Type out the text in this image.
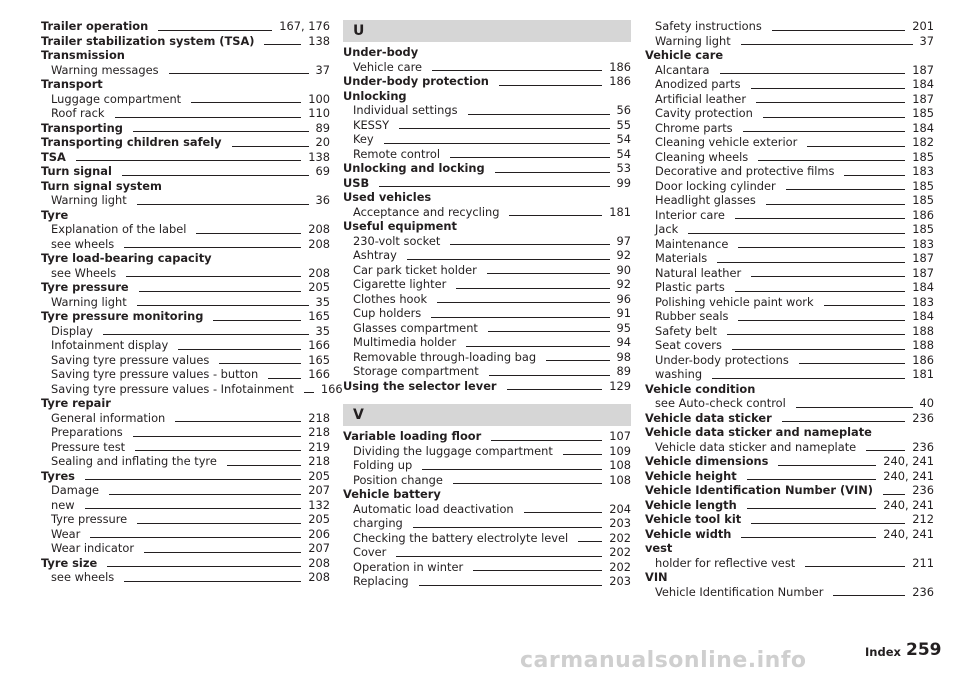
Trailer operation	167, 176
Trailer stabilization system (TSA)	138
Transmission
Warning messages	37
Transport
Luggage compartment	100
Roof rack	110
Transporting	89
Transporting children safely	20
TSA	138
Turn signal	69
Turn signal system
Warning light	36
Tyre
Explanation of the label	208
see wheels	208
Tyre load-bearing capacity
see Wheels	208
Tyre pressure	205
Warning light	35
Tyre pressure monitoring	165
Display	35
Infotainment display	166
Saving tyre pressure values	165
Saving tyre pressure values - button	166
Saving tyre pressure values - Infotainment 166
Tyre repair
General information	218
Preparations	218
Pressure test	219
Sealing and inflating the tyre	218
Tyres	205
Damage	207
new	132
Tyre pressure	205
Wear	206
Wear indicator	207
Tyre size	208
see wheels	208
U
Under-body
Vehicle care	186
Under-body protection	186
Unlocking
Individual settings	56
KESSY	55
Key	54
Remote control	54
Unlocking and locking	53
USB	99
Used vehicles
Acceptance and recycling	181
Useful equipment
230-volt socket	97
Ashtray	92
Car park ticket holder	90
Cigarette lighter	92
Clothes hook	96
Cup holders	91
Glasses compartment	95
Multimedia holder	94
Removable through-loading bag	98
Storage compartment	89
Using the selector lever	129
V
Variable loading floor	107
Dividing the luggage compartment	109
Folding up	108
Position change	108
Vehicle battery
Automatic load deactivation	204
charging	203
Checking the battery electrolyte level	202
Cover	202
Operation in winter	202
Replacing	203
Safety instructions	201
Warning light	37
Vehicle care
Alcantara	187
Anodized parts	184
Artificial leather	187
Cavity protection	185
Chrome parts	184
Cleaning vehicle exterior	182
Cleaning wheels	185
Decorative and protective films	183
Door locking cylinder	185
Headlight glasses	185
Interior care	186
Jack	185
Maintenance	183
Materials	187
Natural leather	187
Plastic parts	184
Polishing vehicle paint work	183
Rubber seals	184
Safety belt	188
Seat covers	188
Under-body protections	186
washing	181
Vehicle condition
see Auto-check control	40
Vehicle data sticker	236
Vehicle data sticker and nameplate
Vehicle data sticker and nameplate	236
Vehicle dimensions	240, 241
Vehicle height	240, 241
Vehicle Identification Number (VIN)	236
Vehicle length	240, 241
Vehicle tool kit	212
Vehicle width	240, 241
vest
holder for reflective vest	211
VIN
Vehicle Identification Number	236
Index 259
carmanualsonline.info
